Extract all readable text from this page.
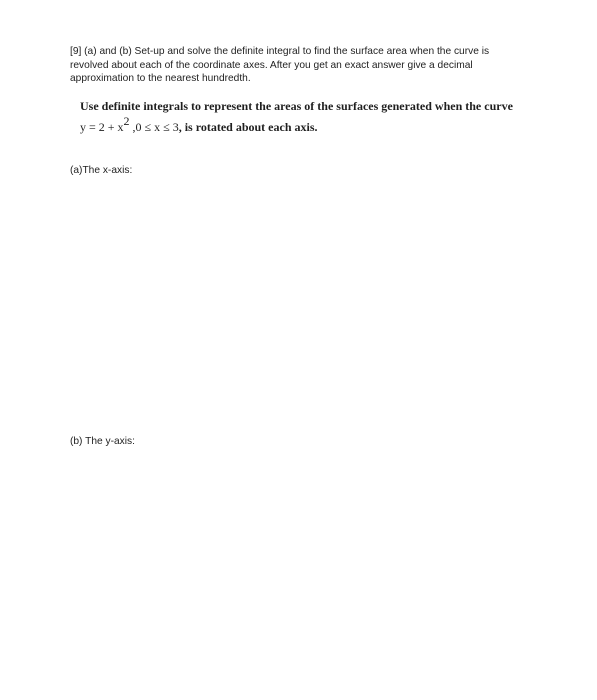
[9] (a) and (b) Set-up and solve the definite integral to find the surface area when the curve is
revolved about each of the coordinate axes. After you get an exact answer give a decimal
approximation to the nearest hundredth.
Use definite integrals to represent the areas of the surfaces generated when the curve
$y = 2 + x^2$ ,0 ≤ x ≤ 3, is rotated about each axis.
(a)The x-axis:
(b) The y-axis:
